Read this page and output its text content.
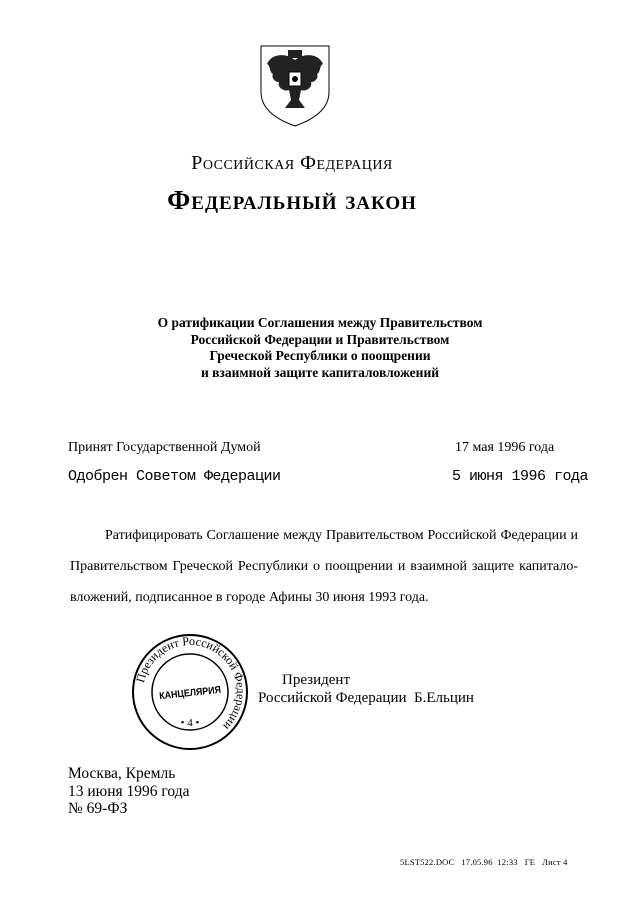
Российская Федерация
Федеральный закон
О ратификации Соглашения между Правительством
Российской Федерации и Правительством
Греческой Республики о поощрении
и взаимной защите капиталовложений
Принят Государственной Думой	17 мая 1996 года
Одобрен Советом Федерации	5 июня 1996 года
Ратифицировать Соглашение между Правительством Российской Федерации и
Правительством Греческой Республики о поощрении и взаимной защите капитало-
вложений, подписанное в городе Афины 30 июня 1993 года.
Президент Российской Федерации
КАНЦЕЛЯРИЯ
• 4 •
Президент
Российской Федерации Б.Ельцин
Москва, Кремль
13 июня 1996 года
№ 69-ФЗ
5LST522.DOC   17.05.96  12:33   ГЕ   Лист 4
